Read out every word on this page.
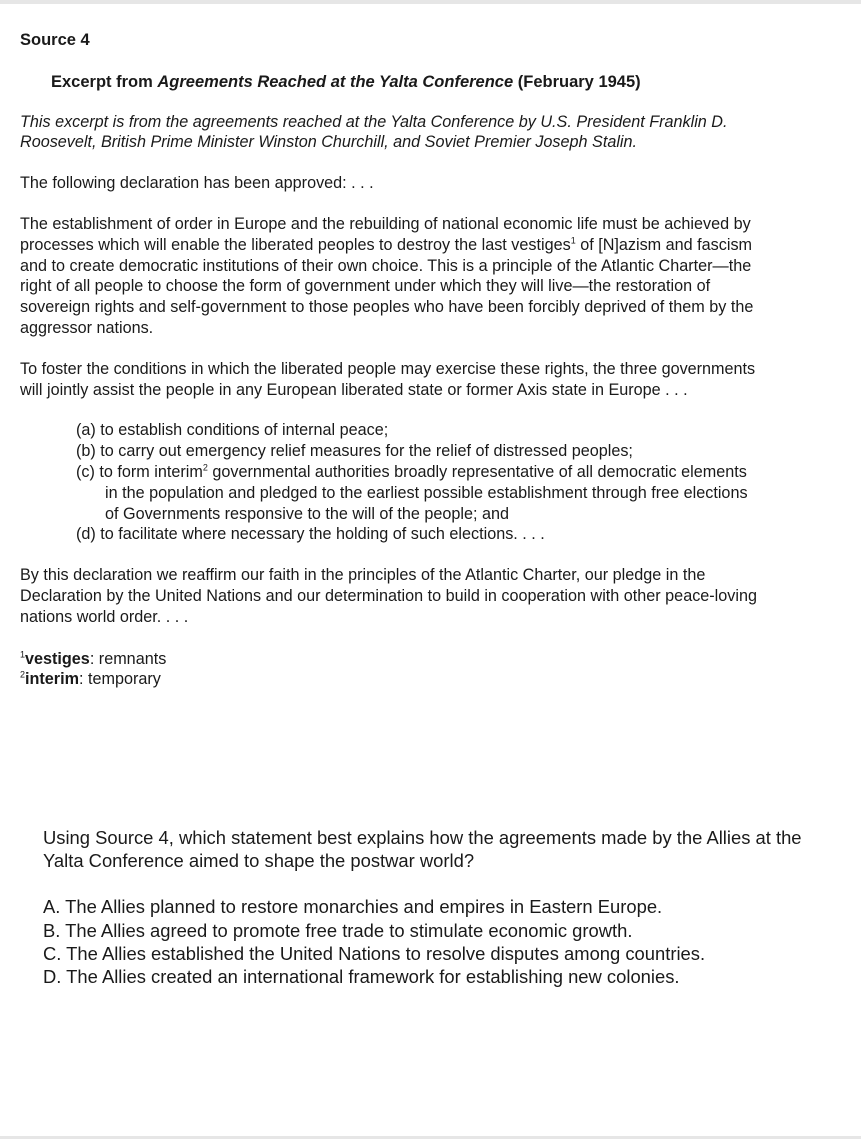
Source 4

Excerpt from Agreements Reached at the Yalta Conference (February 1945)

This excerpt is from the agreements reached at the Yalta Conference by U.S. President Franklin D. Roosevelt, British Prime Minister Winston Churchill, and Soviet Premier Joseph Stalin.

The following declaration has been approved: . . .

The establishment of order in Europe and the rebuilding of national economic life must be achieved by processes which will enable the liberated peoples to destroy the last vestiges$^1$ of [N]azism and fascism and to create democratic institutions of their own choice. This is a principle of the Atlantic Charter—the right of all people to choose the form of government under which they will live—the restoration of sovereign rights and self-government to those peoples who have been forcibly deprived of them by the aggressor nations.

To foster the conditions in which the liberated people may exercise these rights, the three governments will jointly assist the people in any European liberated state or former Axis state in Europe . . .

(a) to establish conditions of internal peace;
(b) to carry out emergency relief measures for the relief of distressed peoples;
(c) to form interim$^2$ governmental authorities broadly representative of all democratic elements in the population and pledged to the earliest possible establishment through free elections of Governments responsive to the will of the people; and
(d) to facilitate where necessary the holding of such elections. . . .

By this declaration we reaffirm our faith in the principles of the Atlantic Charter, our pledge in the Declaration by the United Nations and our determination to build in cooperation with other peace-loving nations world order. . . .

$^1$vestiges: remnants
$^2$interim: temporary

Using Source 4, which statement best explains how the agreements made by the Allies at the Yalta Conference aimed to shape the postwar world?

A. The Allies planned to restore monarchies and empires in Eastern Europe.
B. The Allies agreed to promote free trade to stimulate economic growth.
C. The Allies established the United Nations to resolve disputes among countries.
D. The Allies created an international framework for establishing new colonies.
